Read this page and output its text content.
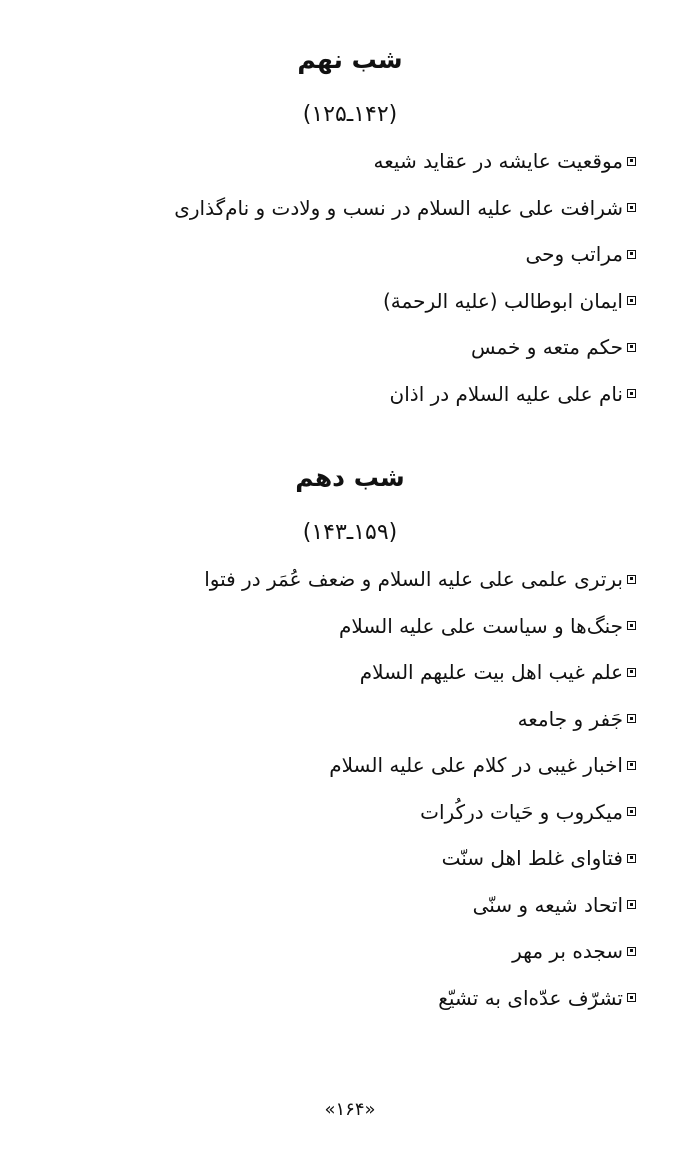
شب نهم
(۱۴۲ـ۱۲۵)
موقعیت عایشه در عقاید شیعه
شرافت علی علیه السلام در نسب و ولادت و نام‌گذاری
مراتب وحی
ایمان ابوطالب (علیه الرحمة)
حکم متعه و خمس
نام علی علیه السلام در اذان
شب دهم
(۱۵۹ـ۱۴۳)
برتری علمی علی علیه السلام و ضعف عُمَر در فتوا
جنگ‌ها و سیاست علی علیه السلام
علم غیب اهل بیت علیهم السلام
جَفر و جامعه
اخبار غیبی در کلام علی علیه السلام
میکروب و حَیات درکُرات
فتاوای غلط اهل سنّت
اتحاد شیعه و سنّی
سجده بر مهر
تشرّف عدّه‌ای به تشیّع
«۱۶۴»
